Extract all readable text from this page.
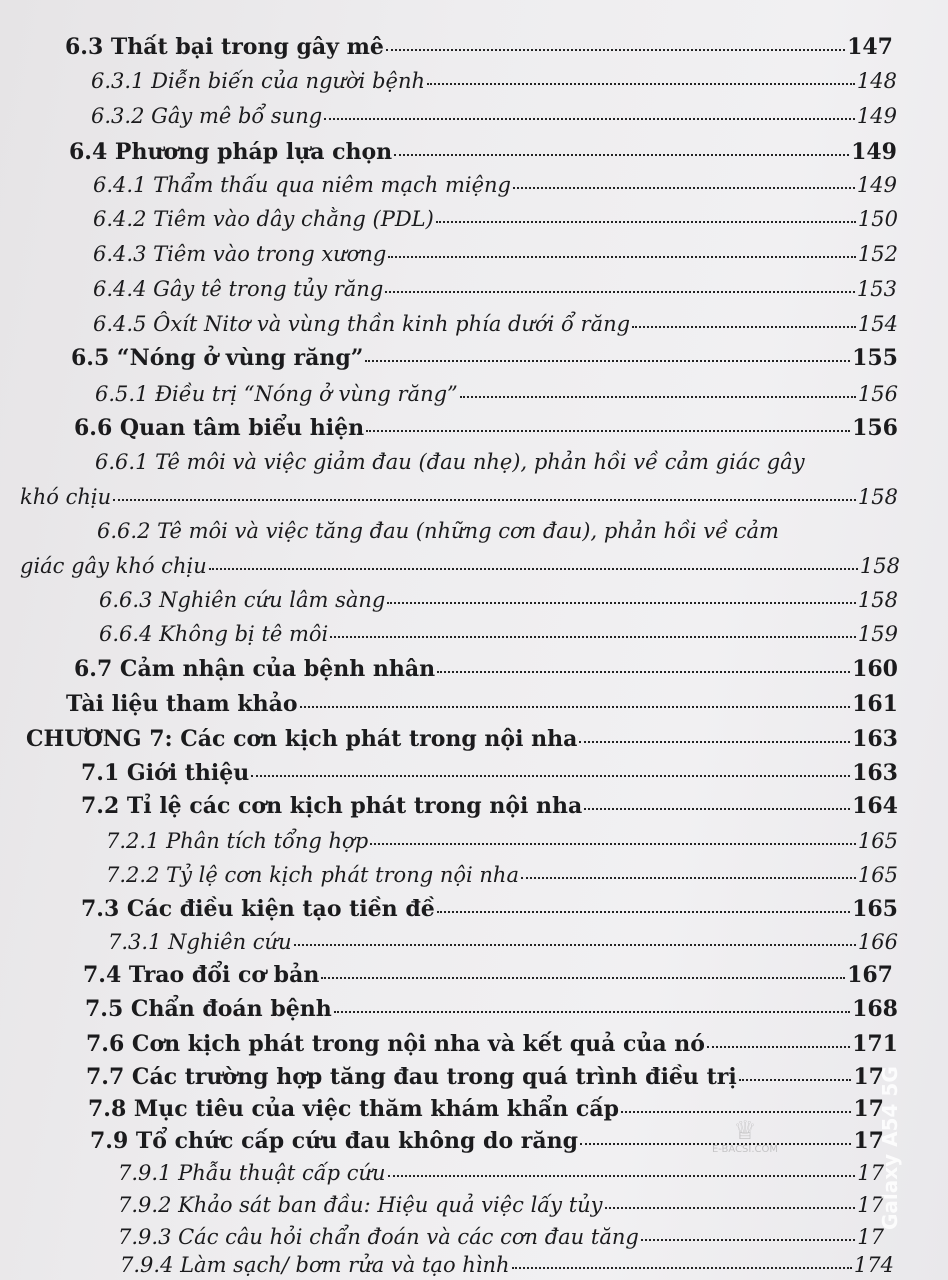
6.3 Thất bại trong gây mê	147
6.3.1 Diễn biến của người bệnh	148
6.3.2 Gây mê bổ sung	149
6.4 Phương pháp lựa chọn	149
6.4.1 Thẩm thấu qua niêm mạch miệng	149
6.4.2 Tiêm vào dây chằng (PDL)	150
6.4.3 Tiêm vào trong xương	152
6.4.4 Gây tê trong tủy răng	153
6.4.5 Ôxít Nitơ và vùng thần kinh phía dưới ổ răng	154
6.5 “Nóng ở vùng răng”	155
6.5.1 Điều trị “Nóng ở vùng răng”	156
6.6 Quan tâm biểu hiện	156
6.6.1 Tê môi và việc giảm đau (đau nhẹ), phản hồi về cảm giác gây
khó chịu	158
6.6.2 Tê môi và việc tăng đau (những cơn đau), phản hồi về cảm
giác gây khó chịu	158
6.6.3 Nghiên cứu lâm sàng	158
6.6.4 Không bị tê môi	159
6.7 Cảm nhận của bệnh nhân	160
Tài liệu tham khảo	161
CHƯƠNG 7: Các cơn kịch phát trong nội nha	163
7.1 Giới thiệu	163
7.2 Tỉ lệ các cơn kịch phát trong nội nha	164
7.2.1 Phân tích tổng hợp	165
7.2.2 Tỷ lệ cơn kịch phát trong nội nha	165
7.3 Các điều kiện tạo tiền đề	165
7.3.1 Nghiên cứu	166
7.4 Trao đổi cơ bản	167
7.5 Chẩn đoán bệnh	168
7.6 Cơn kịch phát trong nội nha và kết quả của nó	171
7.7 Các trường hợp tăng đau trong quá trình điều trị	17
7.8 Mục tiêu của việc thăm khám khẩn cấp	17
7.9 Tổ chức cấp cứu đau không do răng	17
7.9.1 Phẫu thuật cấp cứu	17
7.9.2 Khảo sát ban đầu: Hiệu quả việc lấy tủy	17
7.9.3 Các câu hỏi chẩn đoán và các cơn đau tăng	17
7.9.4 Làm sạch/ bơm rửa và tạo hình	174
♕
E-BACSI.COM	Galaxy A54 5G
